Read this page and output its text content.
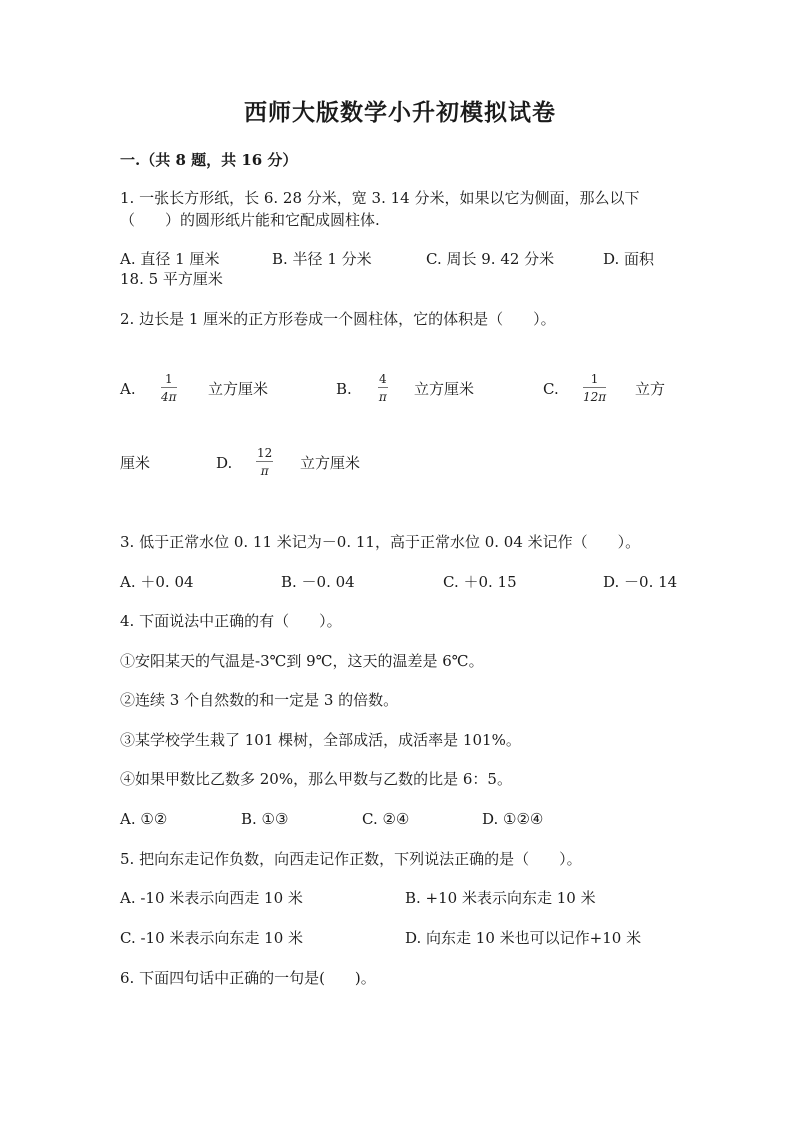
西师大版数学小升初模拟试卷
一.（共 8 题，共 16 分）
1. 一张长方形纸，长 6. 28 分米，宽 3. 14 分米，如果以它为侧面，那么以下
（　　）的圆形纸片能和它配成圆柱体.
A. 直径 1 厘米	B. 半径 1 分米	C. 周长 9. 42 分米	D. 面积
18. 5 平方厘米
2. 边长是 1 厘米的正方形卷成一个圆柱体，它的体积是（　　）。
A.
1
4π 立方厘米	B.
4
π 立方厘米	C.
1
12π 立方
厘米	D.
12
π 立方厘米
3. 低于正常水位 0. 11 米记为－0. 11，高于正常水位 0. 04 米记作（　　）。
A. ＋0. 04	B. －0. 04	C. ＋0. 15	D. －0. 14
4. 下面说法中正确的有（　　）。
①安阳某天的气温是-3℃到 9℃，这天的温差是 6℃。
②连续 3 个自然数的和一定是 3 的倍数。
③某学校学生栽了 101 棵树，全部成活，成活率是 101%。
④如果甲数比乙数多 20%，那么甲数与乙数的比是 6：5。
A. ①②	B. ①③	C. ②④	D. ①②④
5. 把向东走记作负数，向西走记作正数，下列说法正确的是（　　）。
A. -10 米表示向西走 10 米	B. +10 米表示向东走 10 米
C. -10 米表示向东走 10 米	D. 向东走 10 米也可以记作+10 米
6. 下面四句话中正确的一句是(　　)。
